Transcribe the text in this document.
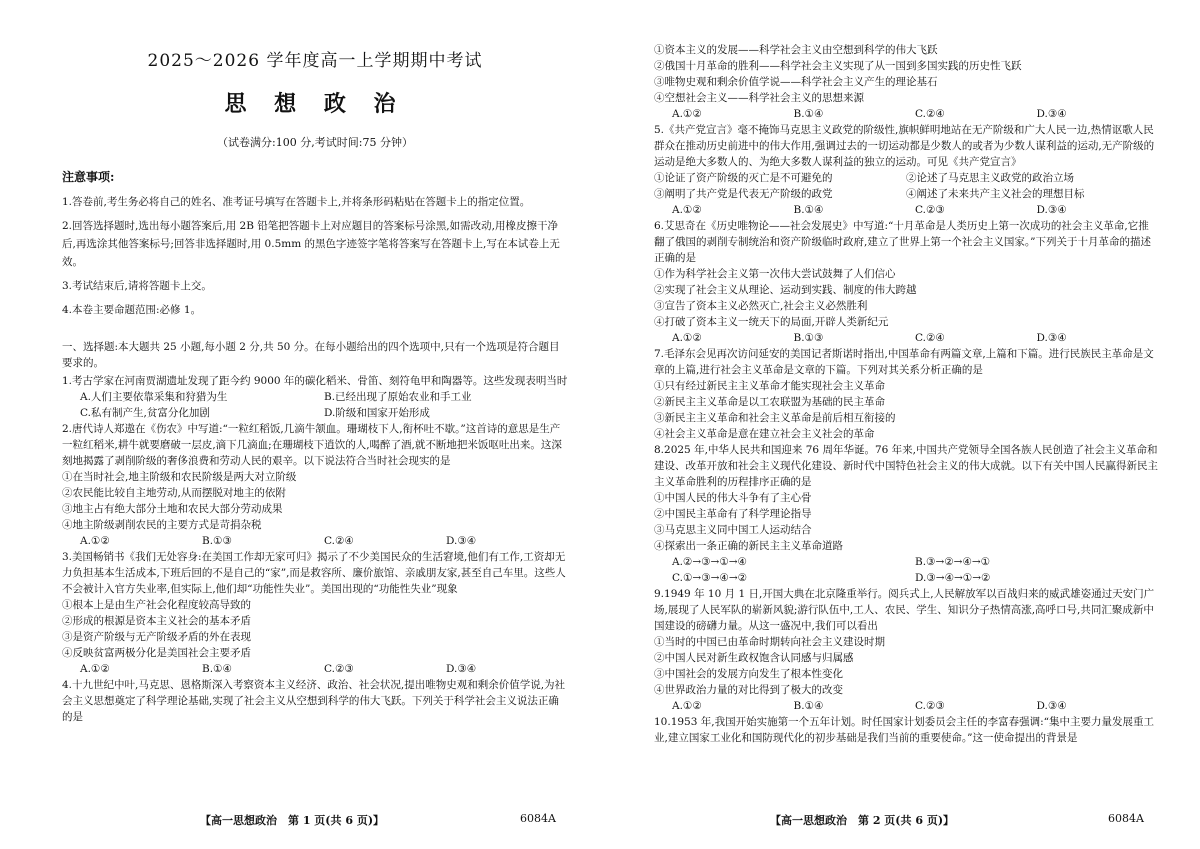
2025～2026 学年度高一上学期期中考试
思 想 政 治
（试卷满分:100 分,考试时间:75 分钟）
注意事项:
1.答卷前,考生务必将自己的姓名、准考证号填写在答题卡上,并将条形码粘贴在答题卡上的指定位置。
2.回答选择题时,选出每小题答案后,用 2B 铅笔把答题卡上对应题目的答案标号涂黑,如需改动,用橡皮擦干净后,再选涂其他答案标号;回答非选择题时,用 0.5mm 的黑色字迹签字笔将答案写在答题卡上,写在本试卷上无效。
3.考试结束后,请将答题卡上交。
4.本卷主要命题范围:必修 1。
一、选择题:本大题共 25 小题,每小题 2 分,共 50 分。在每小题给出的四个选项中,只有一个选项是符合题目要求的。
1.考古学家在河南贾湖遗址发现了距今约 9000 年的碳化稻米、骨笛、刻符龟甲和陶器等。这些发现表明当时
A.人们主要依靠采集和狩猎为生	B.已经出现了原始农业和手工业
C.私有制产生,贫富分化加剧	D.阶级和国家开始形成
2.唐代诗人郑遨在《伤农》中写道:“一粒红稻饭,几滴牛颔血。珊瑚枝下人,衔杯吐不歇。”这首诗的意思是生产一粒红稻米,耕牛就要磨破一层皮,滴下几滴血;在珊瑚枝下逍饮的人,喝醉了酒,就不断地把米饭呕吐出来。这深刻地揭露了剥削阶级的奢侈浪费和劳动人民的艰辛。以下说法符合当时社会现实的是
①在当时社会,地主阶级和农民阶级是两大对立阶级
②农民能比较自主地劳动,从而摆脱对地主的依附
③地主占有绝大部分土地和农民大部分劳动成果
④地主阶级剥削农民的主要方式是苛捐杂税
A.①②	B.①③	C.②④	D.③④
3.美国畅销书《我们无处容身:在美国工作却无家可归》揭示了不少美国民众的生活窘境,他们有工作,工资却无力负担基本生活成本,下班后回的不是自己的“家”,而是救容所、廉价旅馆、亲戚朋友家,甚至自己车里。这些人不会被计入官方失业率,但实际上,他们却“功能性失业”。美国出现的“功能性失业”现象
①根本上是由生产社会化程度较高导致的
②形成的根源是资本主义社会的基本矛盾
③是资产阶级与无产阶级矛盾的外在表现
④反映贫富两极分化是美国社会主要矛盾
A.①②	B.①④	C.②③	D.③④
4.十九世纪中叶,马克思、恩格斯深入考察资本主义经济、政治、社会状况,提出唯物史观和剩余价值学说,为社会主义思想奠定了科学理论基础,实现了社会主义从空想到科学的伟大飞跃。下列关于科学社会主义说法正确的是
【高一思想政治　第 1 页(共 6 页)】	6084A
①资本主义的发展——科学社会主义由空想到科学的伟大飞跃
②俄国十月革命的胜利——科学社会主义实现了从一国到多国实践的历史性飞跃
③唯物史观和剩余价值学说——科学社会主义产生的理论基石
④空想社会主义——科学社会主义的思想来源
A.①②	B.①④	C.②④	D.③④
5.《共产党宣言》毫不掩饰马克思主义政党的阶级性,旗帜鲜明地站在无产阶级和广大人民一边,热情讴歌人民群众在推动历史前进中的伟大作用,强调过去的一切运动都是少数人的或者为少数人谋利益的运动,无产阶级的运动是绝大多数人的、为绝大多数人谋利益的独立的运动。可见《共产党宣言》
①论证了资产阶级的灭亡是不可避免的	②论述了马克思主义政党的政治立场
③阐明了共产党是代表无产阶级的政党	④阐述了未来共产主义社会的理想目标
A.①②	B.①④	C.②③	D.③④
6.艾思奇在《历史唯物论——社会发展史》中写道:“十月革命是人类历史上第一次成功的社会主义革命,它推翻了俄国的剥削专制统治和资产阶级临时政府,建立了世界上第一个社会主义国家。”下列关于十月革命的描述正确的是
①作为科学社会主义第一次伟大尝试鼓舞了人们信心
②实现了社会主义从理论、运动到实践、制度的伟大跨越
③宣告了资本主义必然灭亡,社会主义必然胜利
④打破了资本主义一统天下的局面,开辟人类新纪元
A.①②	B.①③	C.②④	D.③④
7.毛泽东会见再次访问延安的美国记者斯诺时指出,中国革命有两篇文章,上篇和下篇。进行民族民主革命是文章的上篇,进行社会主义革命是文章的下篇。下列对其关系分析正确的是
①只有经过新民主主义革命才能实现社会主义革命
②新民主主义革命是以工农联盟为基础的民主革命
③新民主主义革命和社会主义革命是前后相互衔接的
④社会主义革命是意在建立社会主义社会的革命
8.2025 年,中华人民共和国迎来 76 周年华诞。76 年来,中国共产党领导全国各族人民创造了社会主义革命和建设、改革开放和社会主义现代化建设、新时代中国特色社会主义的伟大成就。以下有关中国人民赢得新民主主义革命胜利的历程排序正确的是
①中国人民的伟大斗争有了主心骨
②中国民主革命有了科学理论指导
③马克思主义同中国工人运动结合
④探索出一条正确的新民主主义革命道路
A.②→③→①→④	B.③→②→④→①
C.①→③→④→②	D.③→④→①→②
9.1949 年 10 月 1 日,开国大典在北京隆重举行。阅兵式上,人民解放军以百战归来的威武雄姿通过天安门广场,展现了人民军队的崭新风貌;游行队伍中,工人、农民、学生、知识分子热情高涨,高呼口号,共同汇聚成新中国建设的磅礴力量。从这一盛况中,我们可以看出
①当时的中国已由革命时期转向社会主义建设时期
②中国人民对新生政权饱含认同感与归属感
③中国社会的发展方向发生了根本性变化
④世界政治力量的对比得到了极大的改变
A.①②	B.①④	C.②③	D.③④
10.1953 年,我国开始实施第一个五年计划。时任国家计划委员会主任的李富春强调:“集中主要力量发展重工业,建立国家工业化和国防现代化的初步基础是我们当前的重要使命。”这一使命提出的背景是
【高一思想政治　第 2 页(共 6 页)】	6084A
